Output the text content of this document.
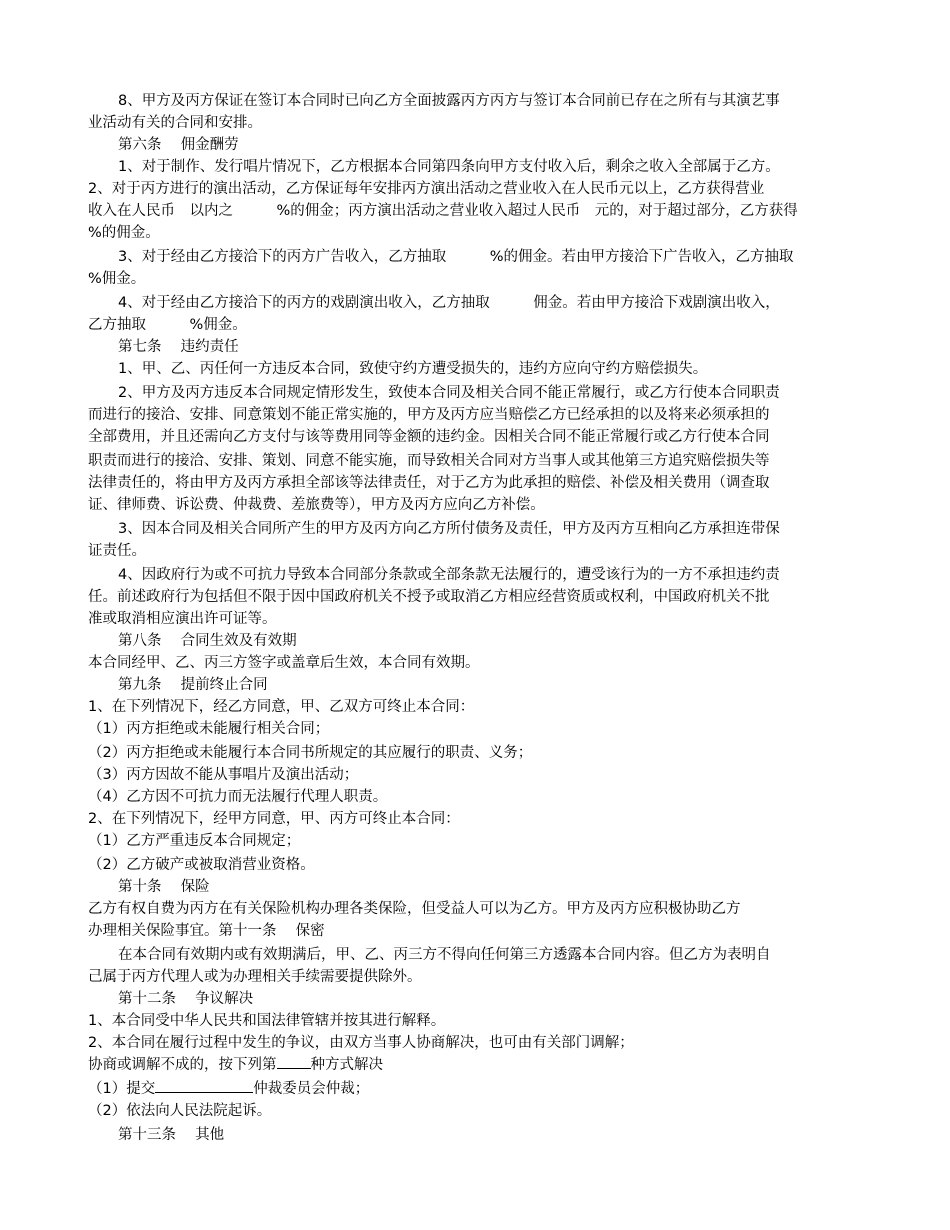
8、甲方及丙方保证在签订本合同时已向乙方全面披露丙方丙方与签订本合同前已存在之所有与其演艺事
业活动有关的合同和安排。
第六条　 佣金酬劳
1、对于制作、发行唱片情况下，乙方根据本合同第四条向甲方支付收入后，剩余之收入全部属于乙方。
2、对于丙方进行的演出活动，乙方保证每年安排丙方演出活动之营业收入在人民币元以上，乙方获得营业
收入在人民币　以内之　　　%的佣金；丙方演出活动之营业收入超过人民币　元的，对于超过部分，乙方获得
%的佣金。
3、对于经由乙方接洽下的丙方广告收入，乙方抽取　　　%的佣金。若由甲方接洽下广告收入，乙方抽取
%佣金。
4、对于经由乙方接洽下的丙方的戏剧演出收入，乙方抽取　　　佣金。若由甲方接洽下戏剧演出收入，
乙方抽取　　　%佣金。
第七条　 违约责任
1、甲、乙、丙任何一方违反本合同，致使守约方遭受损失的，违约方应向守约方赔偿损失。
2、甲方及丙方违反本合同规定情形发生，致使本合同及相关合同不能正常履行，或乙方行使本合同职责
而进行的接洽、安排、同意策划不能正常实施的，甲方及丙方应当赔偿乙方已经承担的以及将来必须承担的
全部费用，并且还需向乙方支付与该等费用同等金额的违约金。因相关合同不能正常履行或乙方行使本合同
职责而进行的接洽、安排、策划、同意不能实施，而导致相关合同对方当事人或其他第三方追究赔偿损失等
法律责任的，将由甲方及丙方承担全部该等法律责任，对于乙方为此承担的赔偿、补偿及相关费用（调查取
证、律师费、诉讼费、仲裁费、差旅费等），甲方及丙方应向乙方补偿。
3、因本合同及相关合同所产生的甲方及丙方向乙方所付债务及责任，甲方及丙方互相向乙方承担连带保
证责任。
4、因政府行为或不可抗力导致本合同部分条款或全部条款无法履行的，遭受该行为的一方不承担违约责
任。前述政府行为包括但不限于因中国政府机关不授予或取消乙方相应经营资质或权利，中国政府机关不批
准或取消相应演出许可证等。
第八条　 合同生效及有效期
本合同经甲、乙、丙三方签字或盖章后生效，本合同有效期。
第九条　 提前终止合同
1、在下列情况下，经乙方同意，甲、乙双方可终止本合同：
（1）丙方拒绝或未能履行相关合同；
（2）丙方拒绝或未能履行本合同书所规定的其应履行的职责、义务；
（3）丙方因故不能从事唱片及演出活动；
（4）乙方因不可抗力而无法履行代理人职责。
2、在下列情况下，经甲方同意，甲、丙方可终止本合同：
（1）乙方严重违反本合同规定；
（2）乙方破产或被取消营业资格。
第十条　 保险
乙方有权自费为丙方在有关保险机构办理各类保险，但受益人可以为乙方。甲方及丙方应积极协助乙方
办理相关保险事宜。第十一条　 保密
在本合同有效期内或有效期满后，甲、乙、丙三方不得向任何第三方透露本合同内容。但乙方为表明自
己属于丙方代理人或为办理相关手续需要提供除外。
第十二条　 争议解决
1、本合同受中华人民共和国法律管辖并按其进行解释。
2、本合同在履行过程中发生的争议，由双方当事人协商解决，也可由有关部门调解；
协商或调解不成的，按下列第 种方式解决
（1）提交	仲裁委员会仲裁；
（2）依法向人民法院起诉。
第十三条　 其他
